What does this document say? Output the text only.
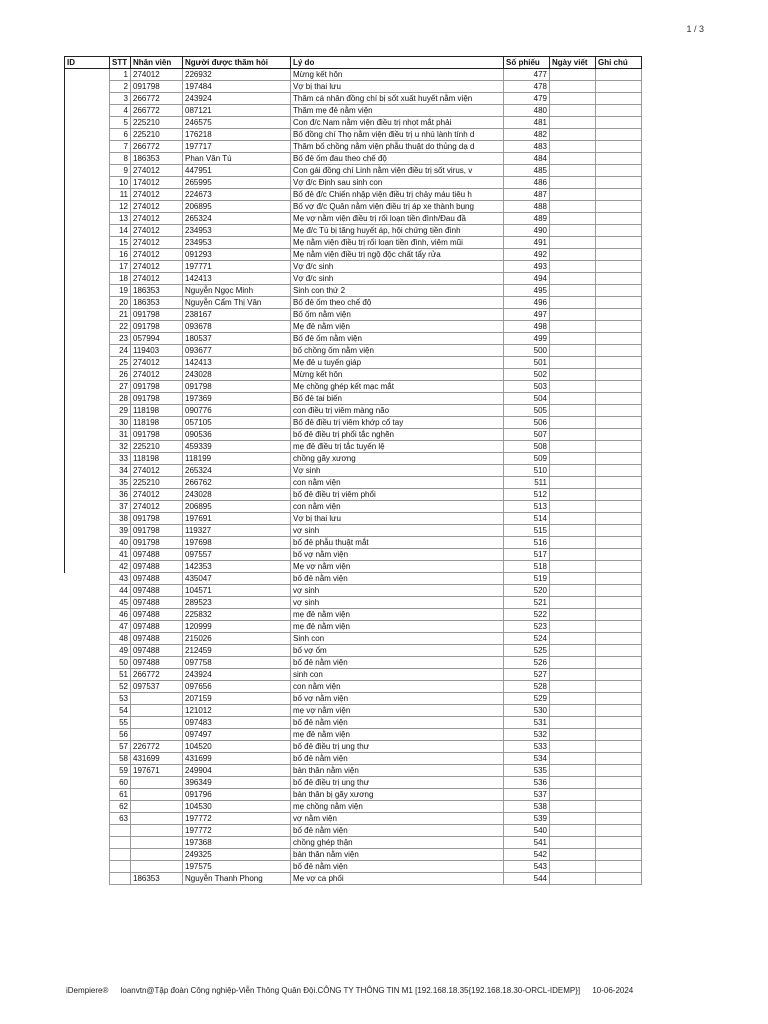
1 / 3
ID	STT	Nhân viên	Người được thăm hỏi	Lý do	Số phiếu	Ngày viết	Ghi chú
	1	274012	226932	Mừng kết hôn	477		
	2	091798	197484	Vợ bị thai lưu	478		
	3	266772	243924	Thăm cá nhân đồng chí bị sốt xuất huyết nằm viện	479		
	4	266772	087121	Thăm mẹ đẻ nằm viện	480		
	5	225210	246575	Con đ/c Nam nằm viện điều trị nhọt mắt phải	481		
	6	225210	176218	Bố đồng chí Thọ nằm viện điều trị u nhú lành tính d	482		
	7	266772	197717	Thăm bố chồng nằm viện phẫu thuật do thủng dạ d	483		
	8	186353	Phan Văn Tú	Bố đẻ ốm đau theo chế độ	484		
	9	274012	447951	Con gái đồng chí Linh nằm viện điều trị sốt virus, v	485		
	10	174012	265995	Vợ đ/c Định sau sinh con	486		
	11	274012	224673	Bố đẻ đ/c Chiến nhập viện điều trị chảy máu tiêu h	487		
	12	274012	206895	Bố vợ đ/c Quân nằm viện điều trị áp xe thành bụng	488		
	13	274012	265324	Mẹ vợ nằm viện điều trị rối loạn tiền đình/Đau đầ	489		
	14	274012	234953	Mẹ đ/c Tú bị tăng huyết áp, hội chứng tiền đình	490		
	15	274012	234953	Mẹ nằm viện điều trị rối loạn tiền đình, viêm mũi	491		
	16	274012	091293	Mẹ nằm viện điều trị ngộ độc chất tẩy rửa	492		
	17	274012	197771	Vợ đ/c sinh	493		
	18	274012	142413	Vợ đ/c sinh	494		
	19	186353	Nguyễn Ngọc Minh	Sinh con thứ 2	495		
	20	186353	Nguyễn Cẩm Thị Vân	Bố đẻ ốm theo chế độ	496		
	21	091798	238167	Bố ốm nằm viện	497		
	22	091798	093678	Mẹ đẻ nằm viện	498		
	23	057994	180537	Bố đẻ ốm nằm viện	499		
	24	119403	093677	bố chồng ốm nằm viện	500		
	25	274012	142413	Mẹ đẻ u tuyến giáp	501		
	26	274012	243028	Mừng kết hôn	502		
	27	091798	091798	Mẹ chồng ghép kết mạc mắt	503		
	28	091798	197369	Bố đẻ tai biến	504		
	29	118198	090776	con điều trị viêm màng não	505		
	30	118198	057105	Bố đẻ điều trị viêm khớp cổ tay	506		
	31	091798	090536	bố đẻ điều trị phổi tắc nghẽn	507		
	32	225210	459339	mẹ đẻ điều trị tắc tuyến lệ	508		
	33	118198	118199	chồng gãy xương	509		
	34	274012	265324	Vợ sinh	510		
	35	225210	266762	con nằm viện	511		
	36	274012	243028	bố đẻ điều trị viêm phổi	512		
	37	274012	206895	con nằm viện	513		
	38	091798	197691	Vợ bị thai lưu	514		
	39	091798	119327	vợ sinh	515		
	40	091798	197698	bố đẻ phẫu thuật mắt	516		
	41	097488	097557	bố vợ nằm viện	517		
	42	097488	142353	Mẹ vợ nằm viện	518		
	43	097488	435047	bố đẻ nằm viện	519		
	44	097488	104571	vợ sinh	520		
	45	097488	289523	vợ sinh	521		
	46	097488	225832	mẹ đẻ nằm viện	522		
	47	097488	120999	mẹ đẻ nằm viện	523		
	48	097488	215026	Sinh con	524		
	49	097488	212459	bố vợ ốm	525		
	50	097488	097758	bố đẻ nằm viện	526		
	51	266772	243924	sinh con	527		
	52	097537	097656	con nằm viện	528		
	53		207159	bố vợ nằm viện	529		
	54		121012	mẹ vợ nằm viện	530		
	55		097483	bố đẻ nằm viện	531		
	56		097497	mẹ đẻ nằm viện	532		
	57	226772	104520	bố đẻ điều trị ung thư	533		
	58	431699	431699	bố đẻ nằm viện	534		
	59	197671	249904	bản thân nằm viện	535		
	60		396349	bố đẻ điều trị ung thư	536		
	61		091796	bản thân bị gãy xương	537		
	62		104530	mẹ chồng nằm viện	538		
	63		197772	vợ nằm viện	539		
			197772	bố đẻ nằm viện	540		
			197368	chồng ghép thận	541		
			249325	bản thân nằm viện	542		
			197575	bố đẻ nằm viện	543		
		186353	Nguyễn Thanh Phong	Mẹ vợ ca phối	544		
iDempiere® loanvtn@Tập đoàn Công nghiệp-Viễn Thông Quân Đội.CÔNG TY THÔNG TIN M1 [192.168.18.35{192.168.18.30-ORCL-IDEMP}] 10-06-2024
